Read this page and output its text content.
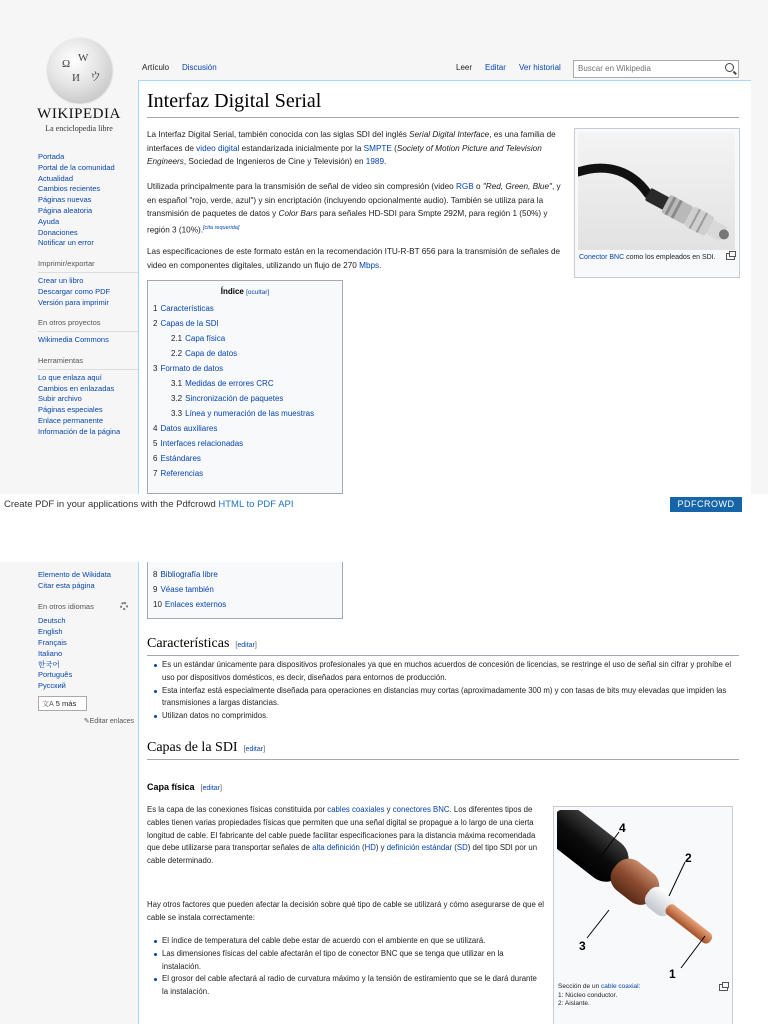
Ω W
И ウ
WIKIPEDIA
La enciclopedia libre
Portada
Portal de la comunidad
Actualidad
Cambios recientes
Páginas nuevas
Página aleatoria
Ayuda
Donaciones
Notificar un error
Imprimir/exportar
Crear un libro
Descargar como PDF
Versión para imprimir
En otros proyectos
Wikimedia Commons
Herramientas
Lo que enlaza aquí
Cambios en enlazadas
Subir archivo
Páginas especiales
Enlace permanente
Información de la página
Artículo Discusión	Leer Editar Ver historial
Buscar en Wikipedia
Interfaz Digital Serial
La Interfaz Digital Serial, también conocida con las siglas SDI del inglés Serial Digital Interface, es una familia de interfaces de video digital estandarizada inicialmente por la SMPTE (Society of Motion Picture and Television Engineers, Sociedad de Ingenieros de Cine y Televisión) en 1989.
Utilizada principalmente para la transmisión de señal de video sin compresión (video RGB o "Red, Green, Blue", y en español "rojo, verde, azul") y sin encriptación (incluyendo opcionalmente audio). También se utiliza para la transmisión de paquetes de datos y Color Bars para señales HD-SDI para Smpte 292M, para región 1 (50%) y región 3 (10%).[cita requerida]
Las especificaciones de este formato están en la recomendación ITU-R-BT 656 para la transmisión de señales de video en componentes digitales, utilizando un flujo de 270 Mbps.
Conector BNC como los empleados en SDI.
Índice [ocultar]
1 Características
2 Capas de la SDI
2.1 Capa física
2.2 Capa de datos
3 Formato de datos
3.1 Medidas de errores CRC
3.2 Sincronización de paquetes
3.3 Línea y numeración de las muestras
4 Datos auxiliares
5 Interfaces relacionadas
6 Estándares
7 Referencias
Create PDF in your applications with the Pdfcrowd HTML to PDF API	PDFCROWD
Elemento de Wikidata
Citar esta página
En otros idiomas
Deutsch
English
Français
Italiano
한국어
Português
Русский
文A 5 más
✎Editar enlaces
8 Bibliografía libre
9 Véase también
10 Enlaces externos
Características [editar]
Es un estándar únicamente para dispositivos profesionales ya que en muchos acuerdos de concesión de licencias, se restringe el uso de señal sin cifrar y prohíbe el uso por dispositivos domésticos, es decir, diseñados para entornos de producción.
Esta interfaz está especialmente diseñada para operaciones en distancias muy cortas (aproximadamente 300 m) y con tasas de bits muy elevadas que impiden las transmisiones a largas distancias.
Utilizan datos no comprimidos.
Capas de la SDI [editar]
Capa física [editar]
Es la capa de las conexiones físicas constituida por cables coaxiales y conectores BNC. Los diferentes tipos de cables tienen varias propiedades físicas que permiten que una señal digital se propague a lo largo de una cierta longitud de cable. El fabricante del cable puede facilitar especificaciones para la distancia máxima recomendada que debe utilizarse para transportar señales de alta definición (HD) y definición estándar (SD) del tipo SDI por un cable determinado.
Hay otros factores que pueden afectar la decisión sobre qué tipo de cable se utilizará y cómo asegurarse de que el cable se instala correctamente:
El índice de temperatura del cable debe estar de acuerdo con el ambiente en que se utilizará.
Las dimensiones físicas del cable afectarán el tipo de conector BNC que se tenga que utilizar en la instalación.
El grosor del cable afectará al radio de curvatura máximo y la tensión de estiramiento que se le dará durante la instalación.
4
2
3
1
Sección de un cable coaxial:
1: Núcleo conductor.
2: Aislante.
